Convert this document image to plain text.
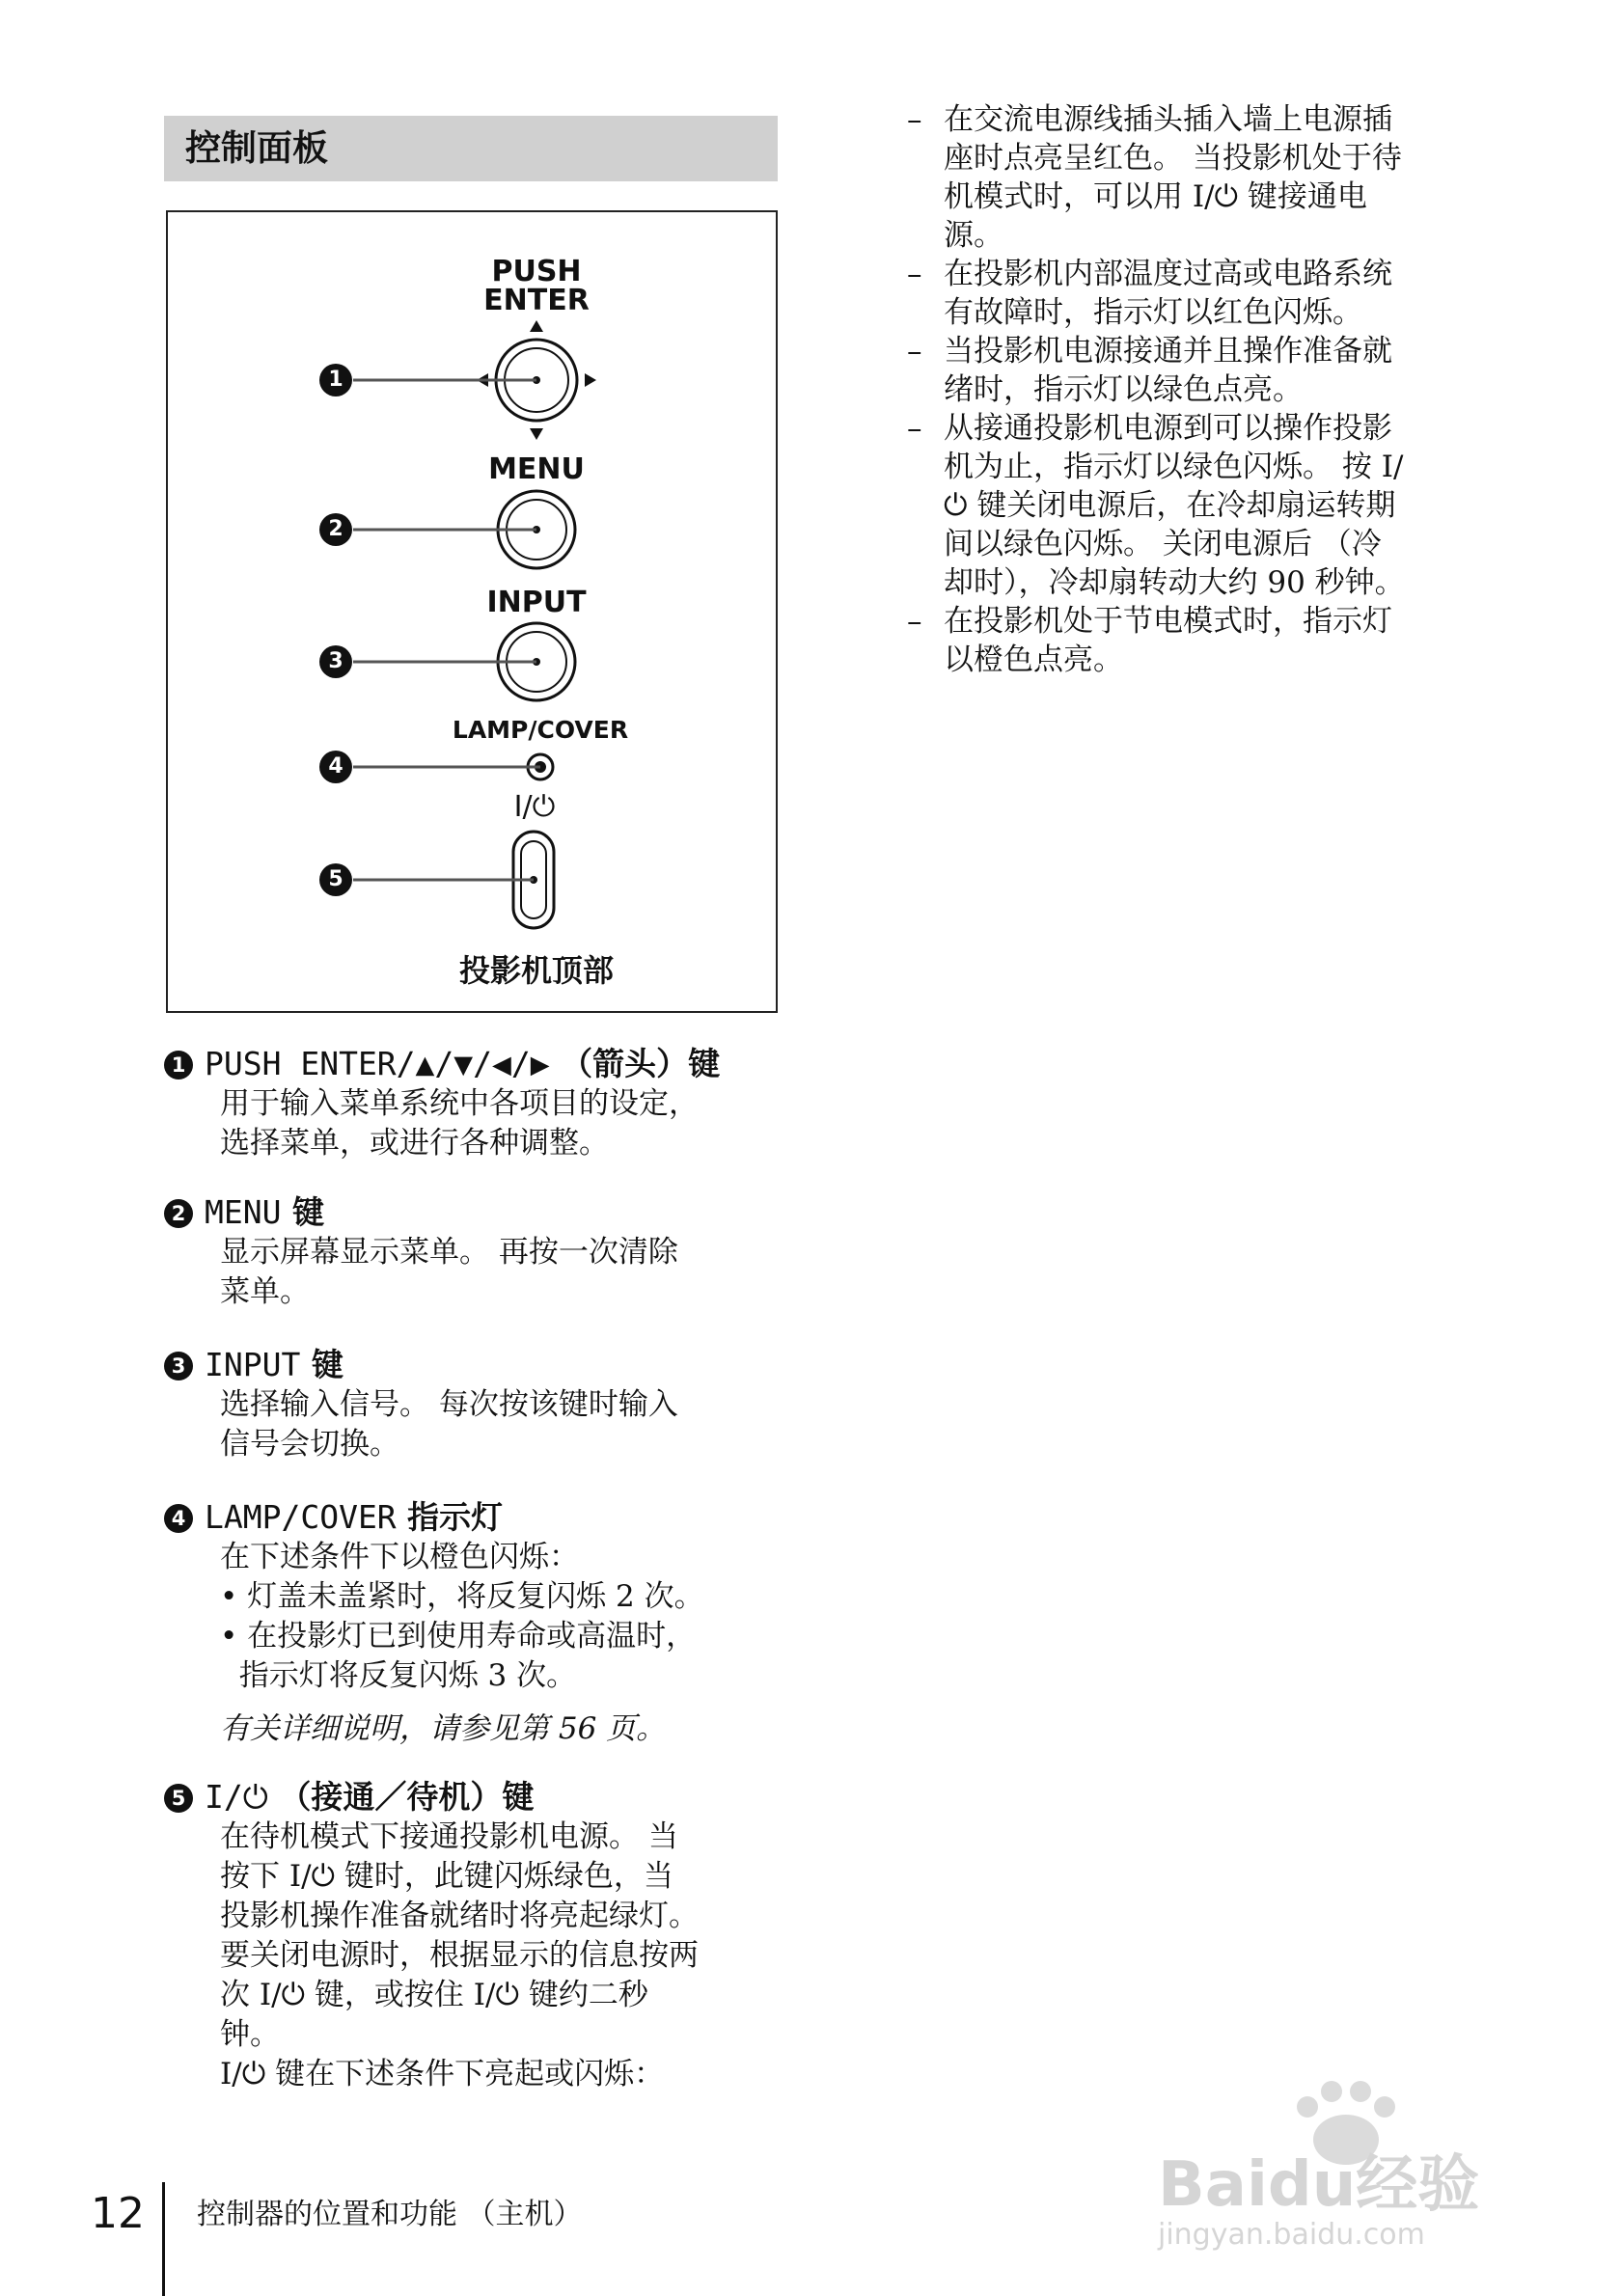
控制面板
1
2
3
4
5
PUSH
ENTER
MENU
INPUT
LAMP/COVER
I/⏻
投影机顶部
1 PUSH ENTER/▲/▼/◀/▶ （箭头）键
用于输入菜单系统中各项目的设定，
选择菜单，或进行各种调整。
2 MENU 键
显示屏幕显示菜单。 再按一次清除
菜单。
3 INPUT 键
选择输入信号。 每次按该键时输入
信号会切换。
4 LAMP/COVER 指示灯
在下述条件下以橙色闪烁：
• 灯盖未盖紧时，将反复闪烁 2 次。
• 在投影灯已到使用寿命或高温时，
指示灯将反复闪烁 3 次。
有关详细说明，请参见第 56 页。
5 I/⏻ （接通／待机）键
在待机模式下接通投影机电源。 当
按下 I/⏻ 键时，此键闪烁绿色，当
投影机操作准备就绪时将亮起绿灯。
要关闭电源时，根据显示的信息按两
次 I/⏻ 键，或按住 I/⏻ 键约二秒
钟。
I/⏻ 键在下述条件下亮起或闪烁：
– 在交流电源线插头插入墙上电源插
座时点亮呈红色。 当投影机处于待
机模式时，可以用 I/⏻ 键接通电
源。
– 在投影机内部温度过高或电路系统
有故障时，指示灯以红色闪烁。
– 当投影机电源接通并且操作准备就
绪时，指示灯以绿色点亮。
– 从接通投影机电源到可以操作投影
机为止，指示灯以绿色闪烁。 按 I/
⏻ 键关闭电源后，在冷却扇运转期
间以绿色闪烁。 关闭电源后 （冷
却时），冷却扇转动大约 90 秒钟。
– 在投影机处于节电模式时，指示灯
以橙色点亮。
12 控制器的位置和功能 （主机）	Baidu经验
jingyan.baidu.com
